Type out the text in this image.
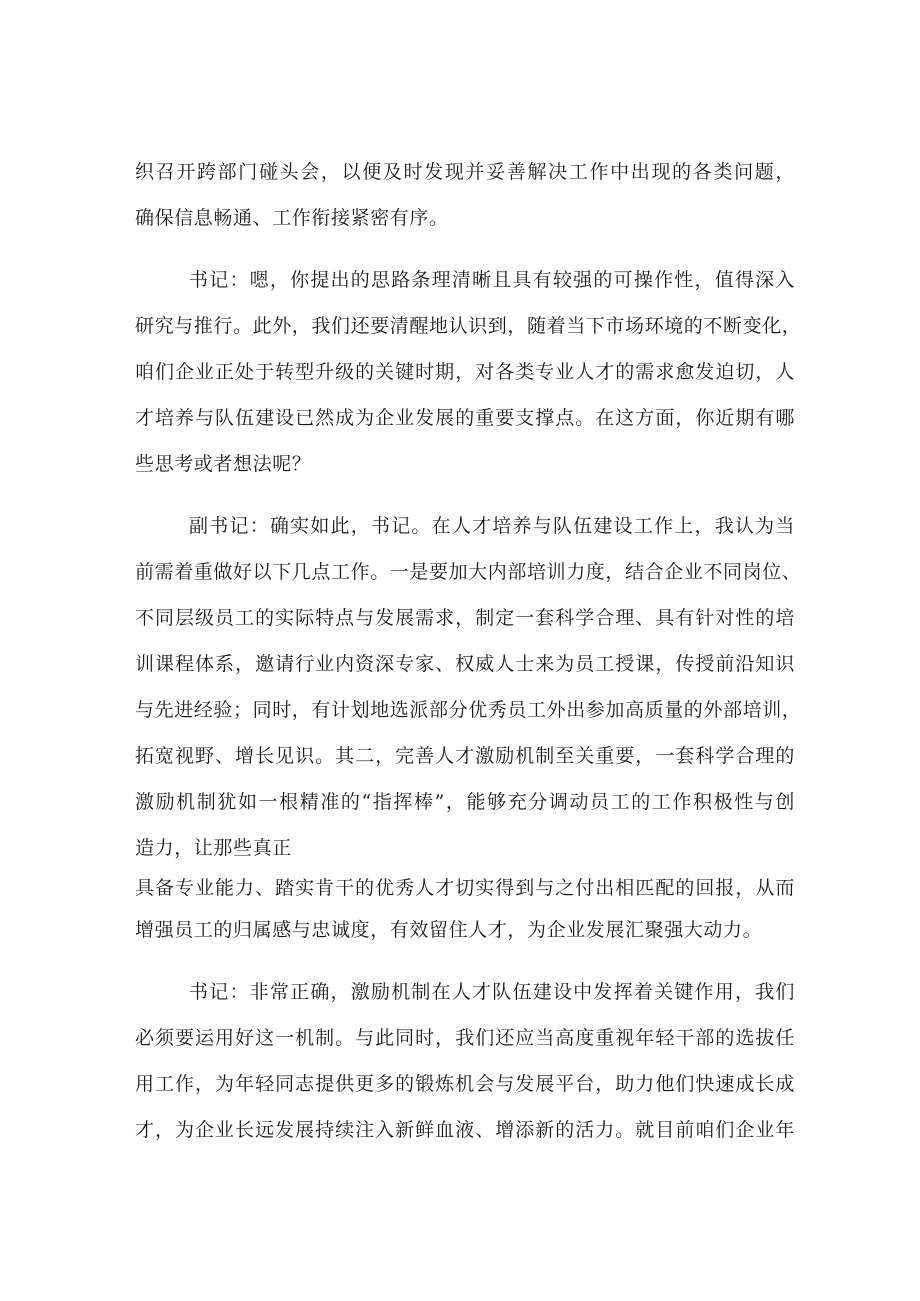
织召开跨部门碰头会，以便及时发现并妥善解决工作中出现的各类问题，
确保信息畅通、工作衔接紧密有序。
书记：嗯，你提出的思路条理清晰且具有较强的可操作性，值得深入
研究与推行。此外，我们还要清醒地认识到，随着当下市场环境的不断变化，
咱们企业正处于转型升级的关键时期，对各类专业人才的需求愈发迫切，人
才培养与队伍建设已然成为企业发展的重要支撑点。在这方面，你近期有哪
些思考或者想法呢？
副书记：确实如此，书记。在人才培养与队伍建设工作上，我认为当
前需着重做好以下几点工作。一是要加大内部培训力度，结合企业不同岗位、
不同层级员工的实际特点与发展需求，制定一套科学合理、具有针对性的培
训课程体系，邀请行业内资深专家、权威人士来为员工授课，传授前沿知识
与先进经验；同时，有计划地选派部分优秀员工外出参加高质量的外部培训，
拓宽视野、增长见识。其二，完善人才激励机制至关重要，一套科学合理的
激励机制犹如一根精准的“指挥棒”，能够充分调动员工的工作积极性与创
造力，让那些真正
具备专业能力、踏实肯干的优秀人才切实得到与之付出相匹配的回报，从而
增强员工的归属感与忠诚度，有效留住人才，为企业发展汇聚强大动力。
书记：非常正确，激励机制在人才队伍建设中发挥着关键作用，我们
必须要运用好这一机制。与此同时，我们还应当高度重视年轻干部的选拔任
用工作，为年轻同志提供更多的锻炼机会与发展平台，助力他们快速成长成
才，为企业长远发展持续注入新鲜血液、增添新的活力。就目前咱们企业年
